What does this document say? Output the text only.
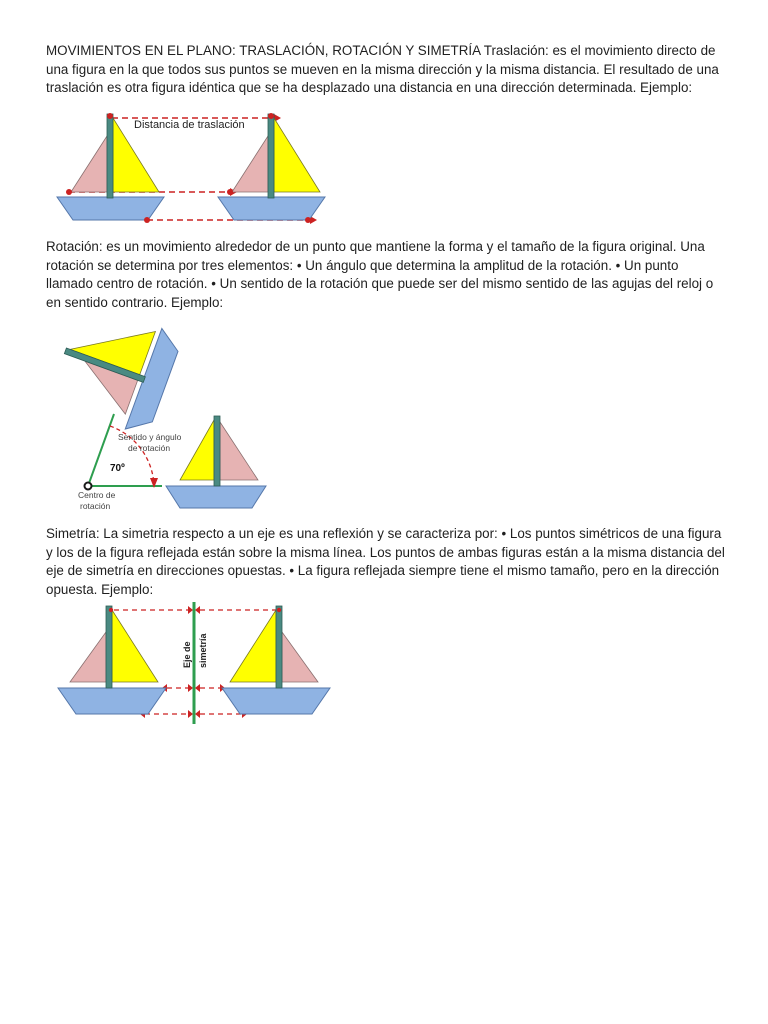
MOVIMIENTOS EN EL PLANO: TRASLACIÓN, ROTACIÓN Y SIMETRÍA Traslación: es el movimiento directo de una figura en la que todos sus puntos se mueven en la misma dirección y la misma distancia. El resultado de una traslación es otra figura idéntica que se ha desplazado una distancia en una dirección determinada. Ejemplo:

Distancia de traslación

Rotación: es un movimiento alrededor de un punto que mantiene la forma y el tamaño de la figura original. Una rotación se determina por tres elementos: • Un ángulo que determina la amplitud de la rotación. • Un punto llamado centro de rotación. • Un sentido de la rotación que puede ser del mismo sentido de las agujas del reloj o en sentido contrario. Ejemplo:

Sentido y ángulo
de rotación
70º
Centro de
rotación

Simetría: La simetria respecto a un eje es una reflexión y se caracteriza por: • Los puntos simétricos de una figura y los de la figura reflejada están sobre la misma línea. Los puntos de ambas figuras están a la misma distancia del eje de simetría en direcciones opuestas. • La figura reflejada siempre tiene el mismo tamaño, pero en la dirección opuesta. Ejemplo:

Eje de simetría
